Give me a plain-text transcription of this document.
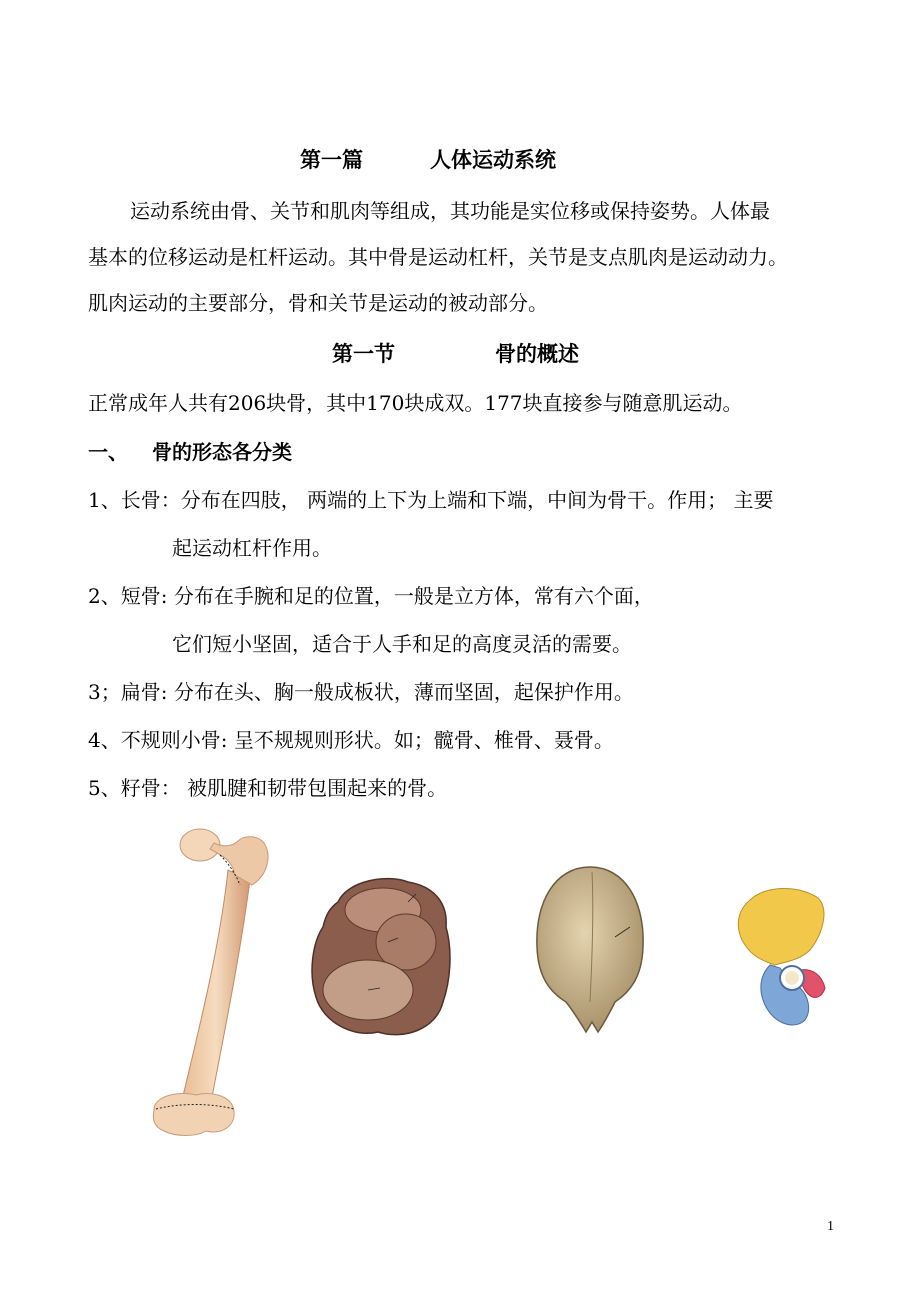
第一篇	人体运动系统
运动系统由骨、关节和肌肉等组成，其功能是实位移或保持姿势。人体最
基本的位移运动是杠杆运动。其中骨是运动杠杆，关节是支点肌肉是运动动力。
肌肉运动的主要部分，骨和关节是运动的被动部分。
第一节	骨的概述
正常成年人共有206块骨，其中170块成双。177块直接参与随意肌运动。
一、 骨的形态各分类
1、长骨：分布在四肢， 两端的上下为上端和下端，中间为骨干。作用； 主要
起运动杠杆作用。
2、短骨: 分布在手腕和足的位置，一般是立方体，常有六个面，
它们短小坚固，适合于人手和足的高度灵活的需要。
3；扁骨: 分布在头、胸一般成板状，薄而坚固，起保护作用。
4、不规则小骨: 呈不规规则形状。如；髋骨、椎骨、聂骨。
5、籽骨： 被肌腱和韧带包围起来的骨。
1
